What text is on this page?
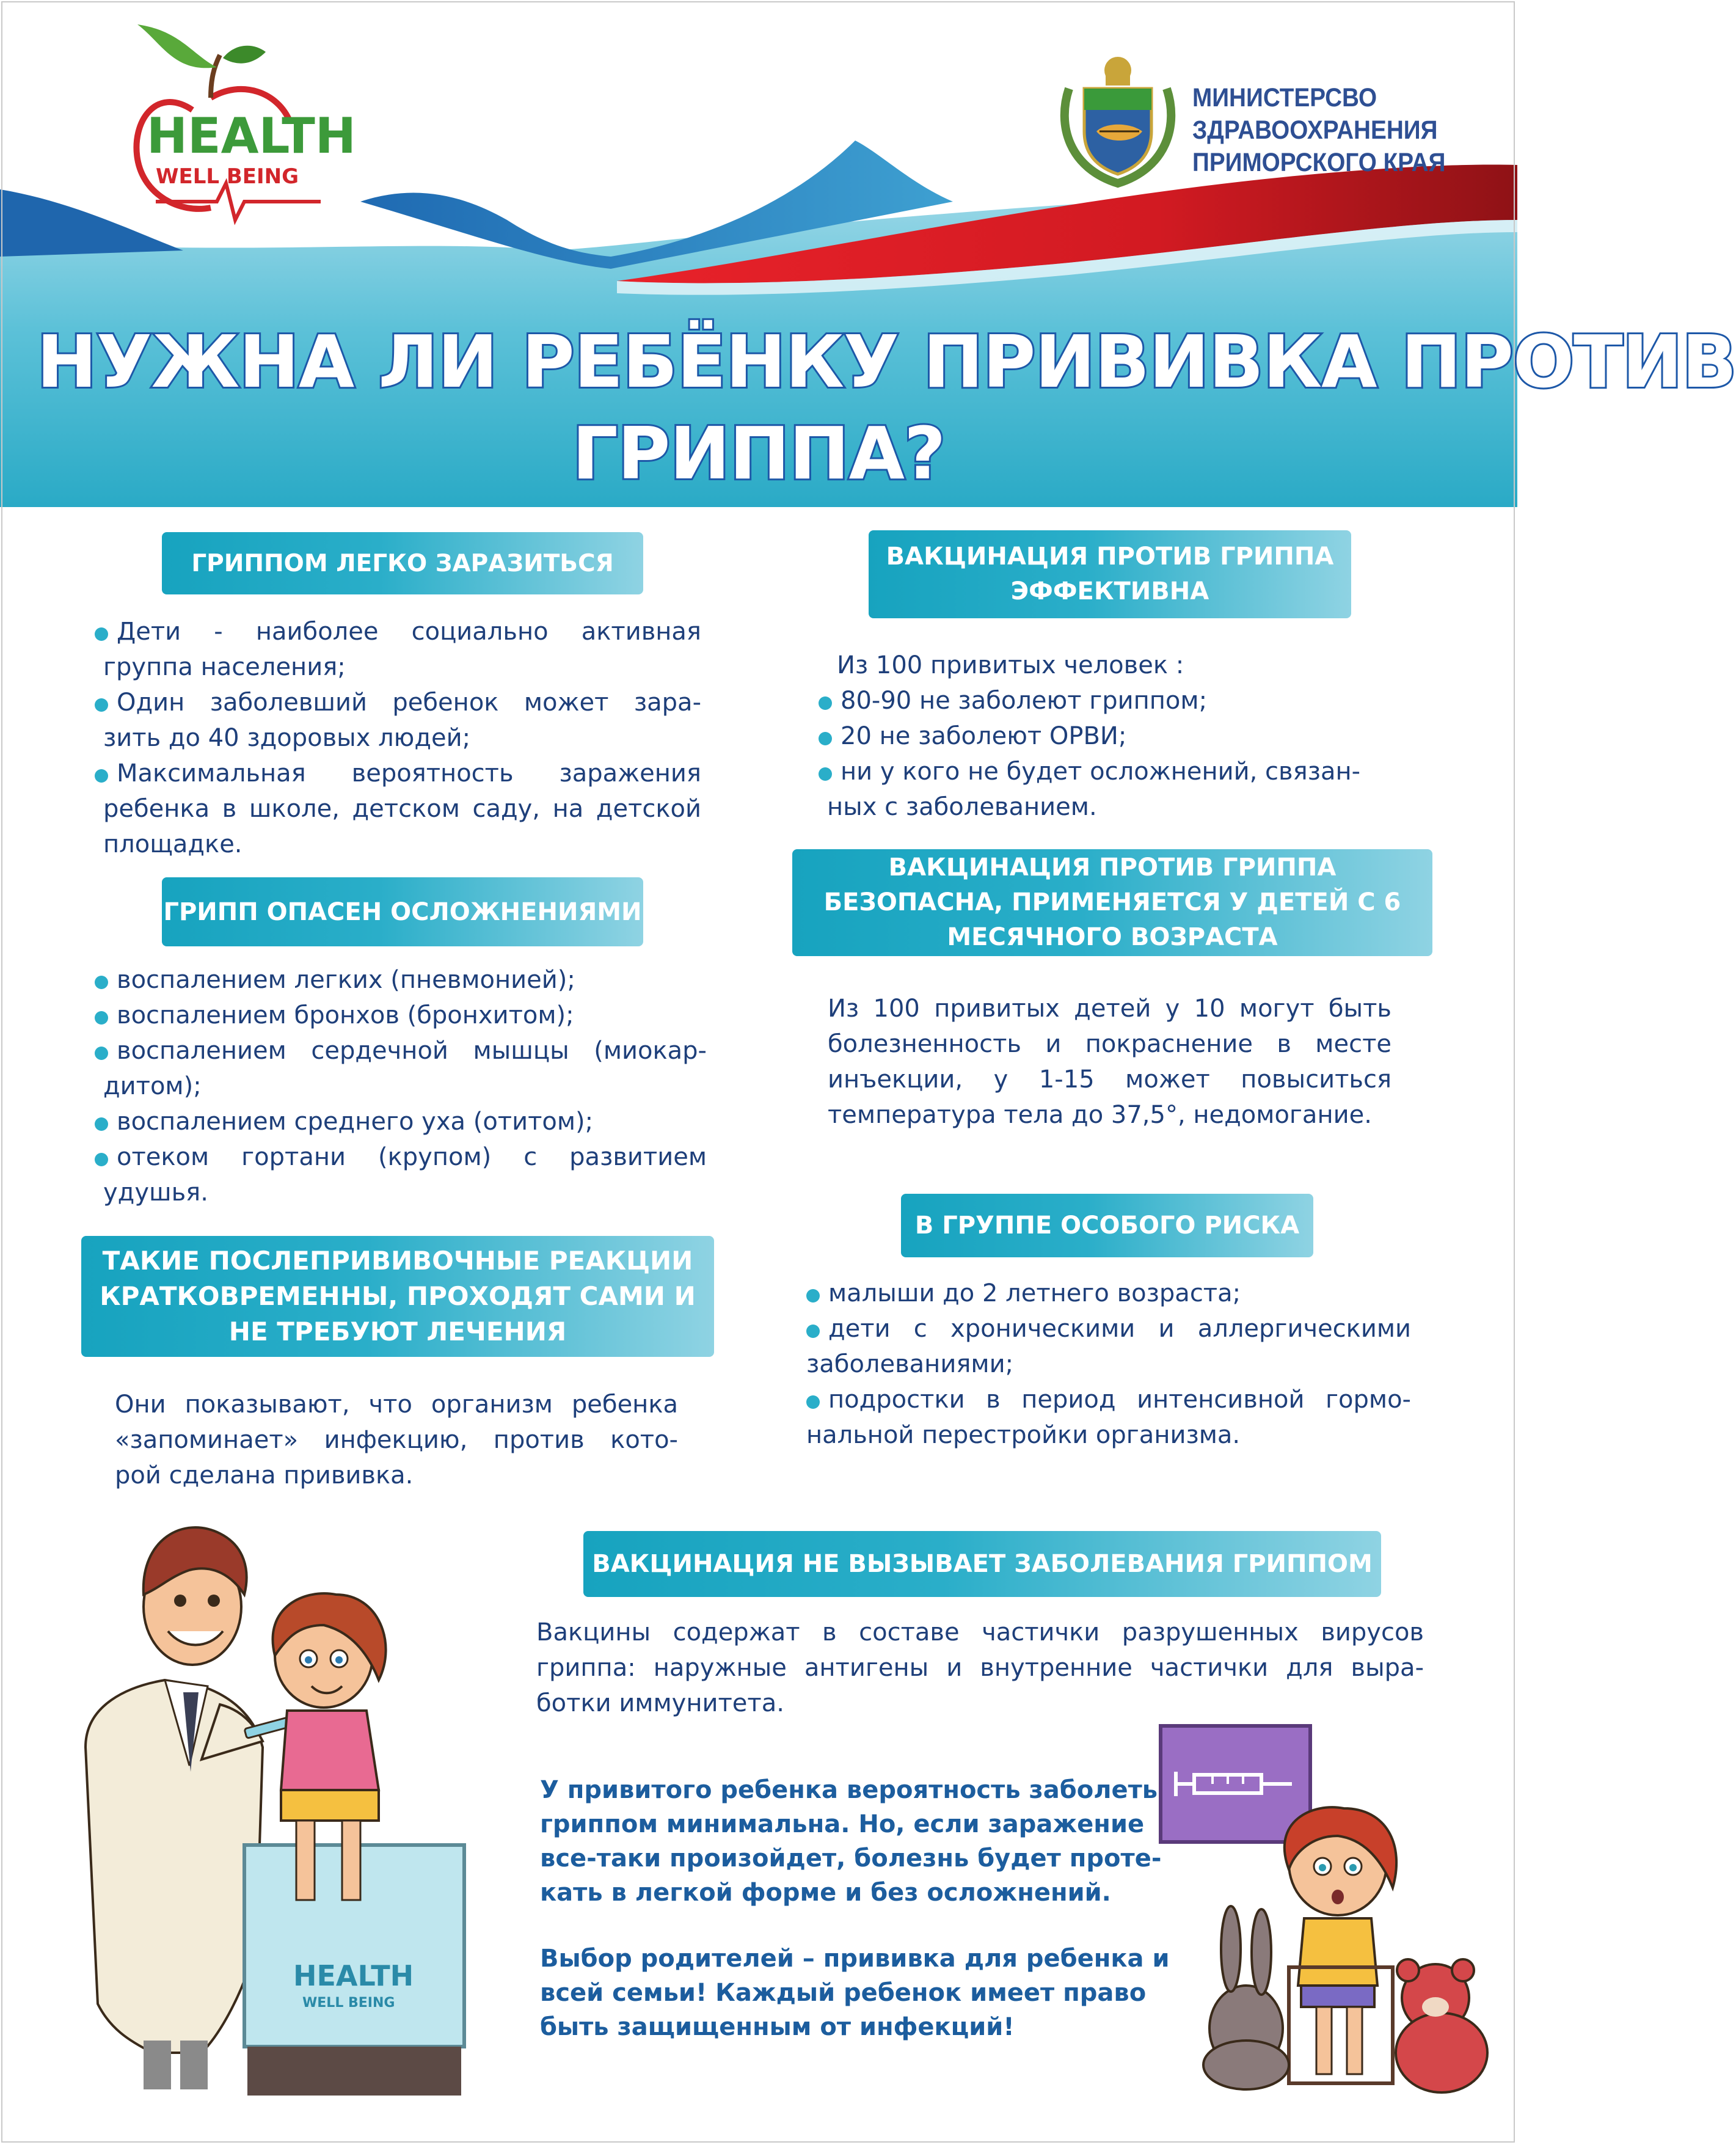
HEALTH
WELL BEING
МИНИСТЕРСВО
ЗДРАВООХРАНЕНИЯ
ПРИМОРСКОГО КРАЯ
НУЖНА ЛИ РЕБЁНКУ ПРИВИВКА ПРОТИВ
ГРИППА?
ГРИППОМ ЛЕГКО ЗАРАЗИТЬСЯ
Дети - наиболее социально активная
группа населения;
Один заболевший ребенок может зара-
зить до 40 здоровых людей;
Максимальная вероятность заражения
ребенка в школе, детском саду, на детской
площадке.
ГРИПП ОПАСЕН ОСЛОЖНЕНИЯМИ
воспалением легких (пневмонией);
воспалением бронхов (бронхитом);
воспалением сердечной мышцы (миокар-
дитом);
воспалением среднего уха (отитом);
отеком гортани (крупом) с развитием
удушья.
ТАКИЕ ПОСЛЕПРИВИВОЧНЫЕ РЕАКЦИИ
КРАТКОВРЕМЕННЫ, ПРОХОДЯТ САМИ И
НЕ ТРЕБУЮТ ЛЕЧЕНИЯ
Они показывают, что организм ребенка
«запоминает» инфекцию, против кото-
рой сделана прививка.
ВАКЦИНАЦИЯ ПРОТИВ ГРИППА
ЭФФЕКТИВНА
Из 100 привитых человек :
80-90 не заболеют гриппом;
20 не заболеют ОРВИ;
ни у кого не будет осложнений, связан-
ных с заболеванием.
ВАКЦИНАЦИЯ ПРОТИВ ГРИППА
БЕЗОПАСНА, ПРИМЕНЯЕТСЯ У ДЕТЕЙ С 6
МЕСЯЧНОГО ВОЗРАСТА
Из 100 привитых детей у 10 могут быть
болезненность и покраснение в месте
инъекции, у 1-15 может повыситься
температура тела до 37,5°, недомогание.
В ГРУППЕ ОСОБОГО РИСКА
малыши до 2 летнего возраста;
дети с хроническими и аллергическими
заболеваниями;
подростки в период интенсивной гормо-
нальной перестройки организма.
ВАКЦИНАЦИЯ НЕ ВЫЗЫВАЕТ ЗАБОЛЕВАНИЯ ГРИППОМ
Вакцины содержат в составе частички разрушенных вирусов
гриппа: наружные антигены и внутренние частички для выра-
ботки иммунитета.
У привитого ребенка вероятность заболеть
гриппом минимальна. Но, если заражение
все-таки произойдет, болезнь будет проте-
кать в легкой форме и без осложнений.
Выбор родителей – прививка для ребенка и
всей семьи! Каждый ребенок имеет право
быть защищенным от инфекций!
HEALTH
WELL BEING
